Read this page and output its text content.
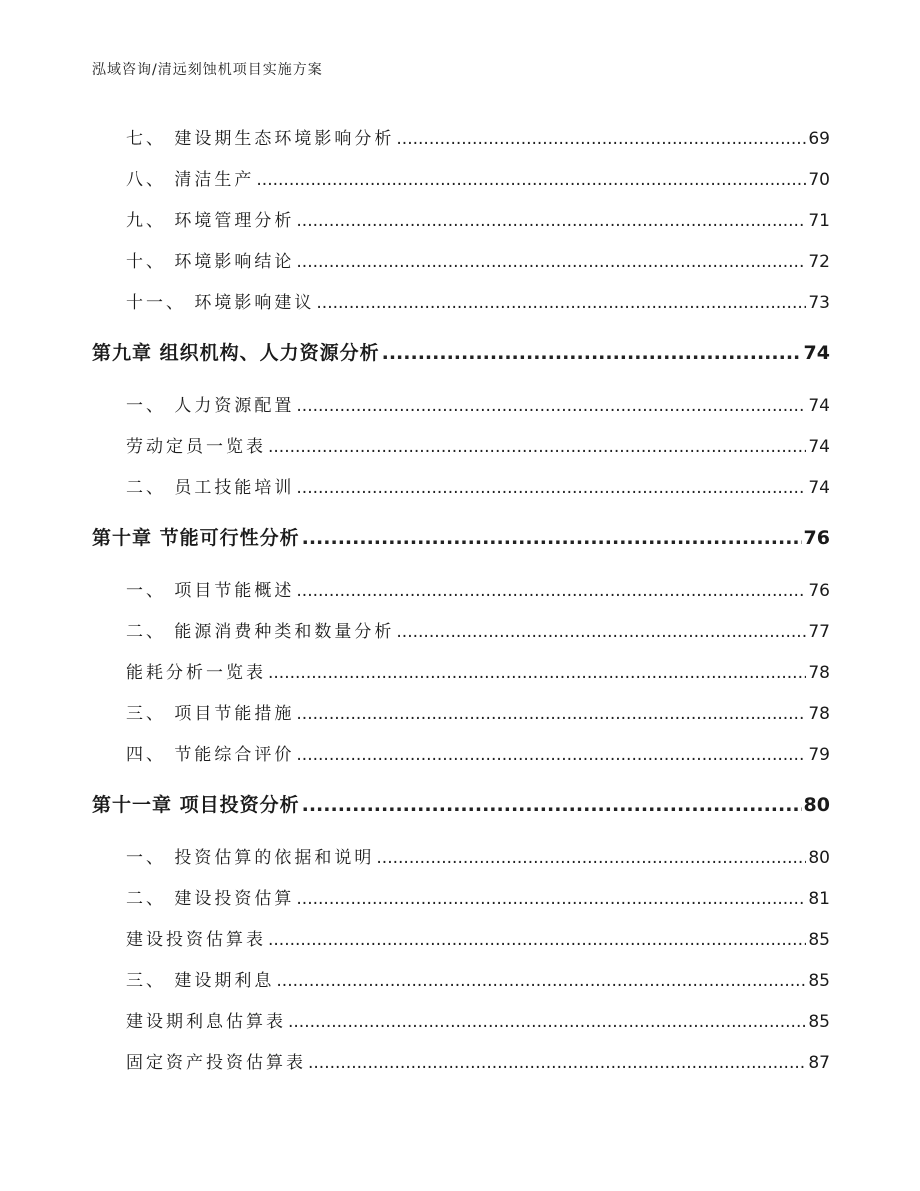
泓域咨询/清远刻蚀机项目实施方案
七、 建设期生态环境影响分析 .....	69
八、 清洁生产 .....	70
九、 环境管理分析 .....	71
十、 环境影响结论 .....	72
十一、 环境影响建议 .....	73
第九章 组织机构、人力资源分析 .....	74
一、 人力资源配置 .....	74
劳动定员一览表 .....	74
二、 员工技能培训 .....	74
第十章 节能可行性分析 .....	76
一、 项目节能概述 .....	76
二、 能源消费种类和数量分析 .....	77
能耗分析一览表 .....	78
三、 项目节能措施 .....	78
四、 节能综合评价 .....	79
第十一章 项目投资分析 .....	80
一、 投资估算的依据和说明 .....	80
二、 建设投资估算 .....	81
建设投资估算表 .....	85
三、 建设期利息 .....	85
建设期利息估算表 .....	85
固定资产投资估算表 .....	87
